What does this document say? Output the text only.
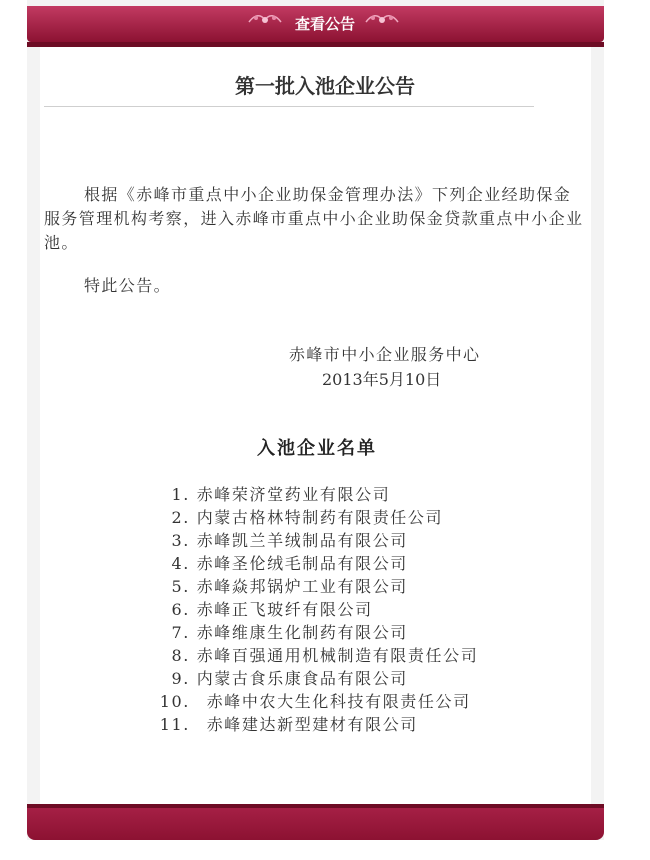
查看公告
第一批入池企业公告

根据《赤峰市重点中小企业助保金管理办法》下列企业经助保金服务管理机构考察，进入赤峰市重点中小企业助保金贷款重点中小企业池。

特此公告。
赤峰市中小企业服务中心
2013年5月10日
入池企业名单
1. 赤峰荣济堂药业有限公司
2. 内蒙古格林特制药有限责任公司
3. 赤峰凯兰羊绒制品有限公司
4. 赤峰圣伦绒毛制品有限公司
5. 赤峰焱邦锅炉工业有限公司
6. 赤峰正飞玻纤有限公司
7. 赤峰维康生化制药有限公司
8. 赤峰百强通用机械制造有限责任公司
9. 内蒙古食乐康食品有限公司
10. 赤峰中农大生化科技有限责任公司
11. 赤峰建达新型建材有限公司
